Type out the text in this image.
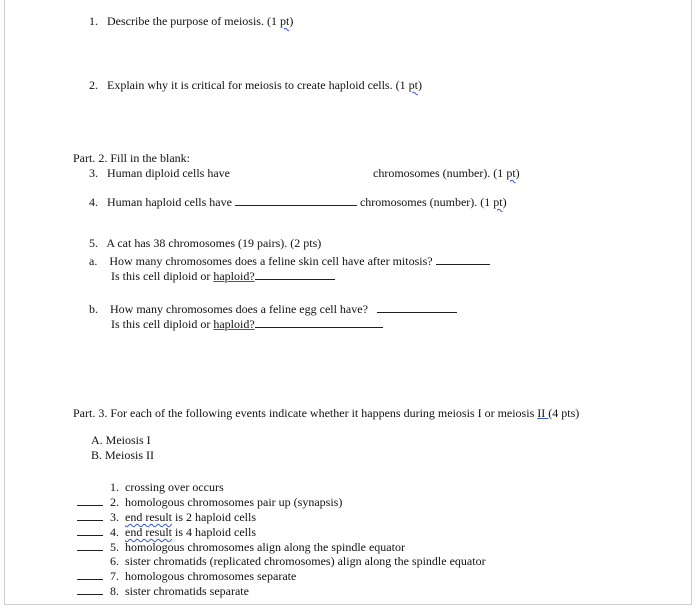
1. Describe the purpose of meiosis. (1 pt)
2. Explain why it is critical for meiosis to create haploid cells. (1 pt)
Part. 2. Fill in the blank:
3. Human diploid cells have	chromosomes (number). (1 pt)
4. Human haploid cells have	chromosomes (number). (1 pt)
5. A cat has 38 chromosomes (19 pairs). (2 pts)
a. How many chromosomes does a feline skin cell have after mitosis?
Is this cell diploid or haploid?
b. How many chromosomes does a feline egg cell have?
Is this cell diploid or haploid?
Part. 3. For each of the following events indicate whether it happens during meiosis I or meiosis II (4 pts)
A. Meiosis I
B. Meiosis II
1. crossing over occurs
2. homologous chromosomes pair up (synapsis)
3. end result is 2 haploid cells
4. end result is 4 haploid cells
5. homologous chromosomes align along the spindle equator
6. sister chromatids (replicated chromosomes) align along the spindle equator
7. homologous chromosomes separate
8. sister chromatids separate
